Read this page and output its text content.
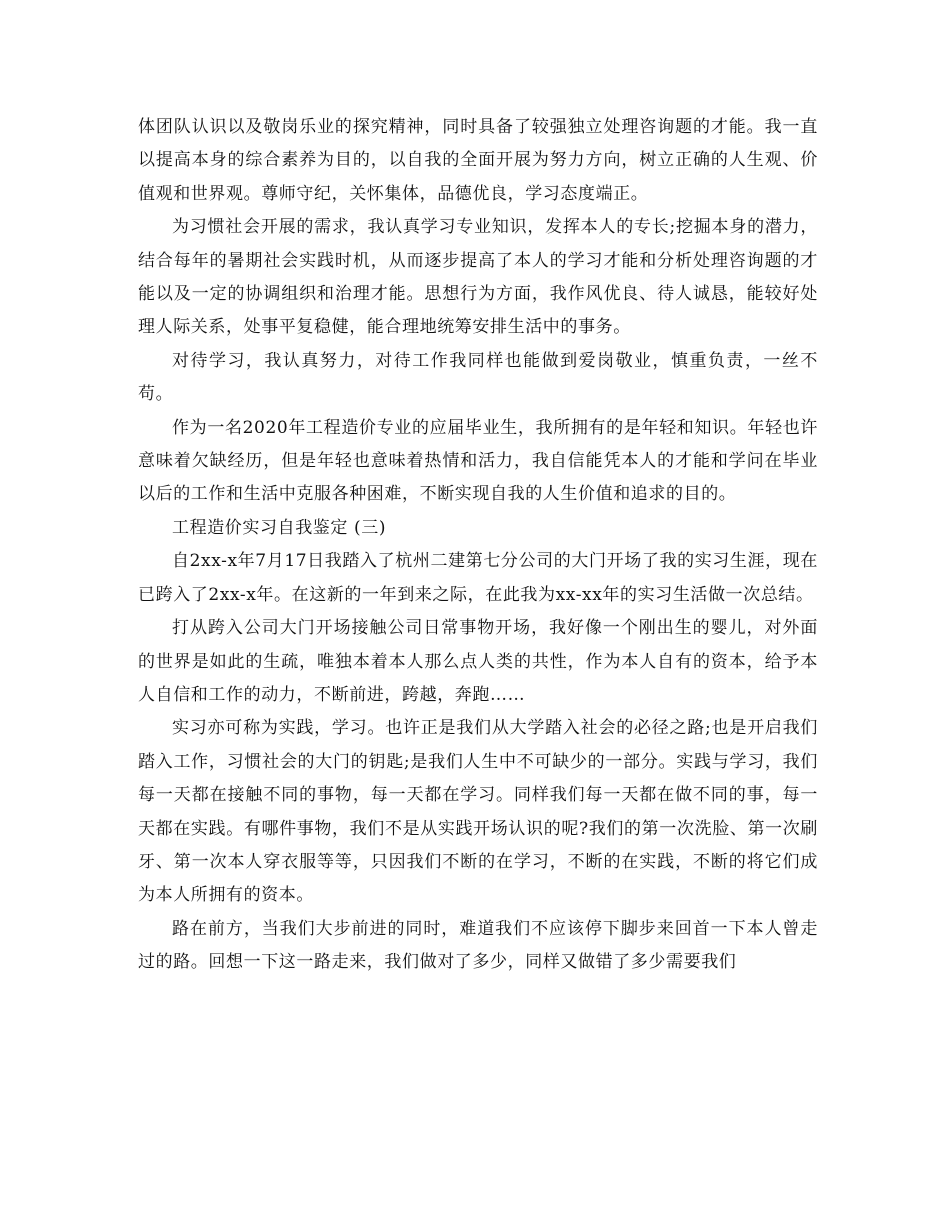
体团队认识以及敬岗乐业的探究精神，同时具备了较强独立处理咨询题的才能。我一直以提高本身的综合素养为目的，以自我的全面开展为努力方向，树立正确的人生观、价值观和世界观。尊师守纪，关怀集体，品德优良，学习态度端正。

为习惯社会开展的需求，我认真学习专业知识，发挥本人的专长;挖掘本身的潜力，结合每年的暑期社会实践时机，从而逐步提高了本人的学习才能和分析处理咨询题的才能以及一定的协调组织和治理才能。思想行为方面，我作风优良、待人诚恳，能较好处理人际关系，处事平复稳健，能合理地统筹安排生活中的事务。

对待学习，我认真努力，对待工作我同样也能做到爱岗敬业，慎重负责，一丝不苟。

作为一名2020年工程造价专业的应届毕业生，我所拥有的是年轻和知识。年轻也许意味着欠缺经历，但是年轻也意味着热情和活力，我自信能凭本人的才能和学问在毕业以后的工作和生活中克服各种困难，不断实现自我的人生价值和追求的目的。

工程造价实习自我鉴定 (三)

自2xx-x年7月17日我踏入了杭州二建第七分公司的大门开场了我的实习生涯，现在已跨入了2xx-x年。在这新的一年到来之际，在此我为xx-xx年的实习生活做一次总结。

打从跨入公司大门开场接触公司日常事物开场，我好像一个刚出生的婴儿，对外面的世界是如此的生疏，唯独本着本人那么点人类的共性，作为本人自有的资本，给予本人自信和工作的动力，不断前进，跨越，奔跑……

实习亦可称为实践，学习。也许正是我们从大学踏入社会的必径之路;也是开启我们踏入工作，习惯社会的大门的钥匙;是我们人生中不可缺少的一部分。实践与学习，我们每一天都在接触不同的事物，每一天都在学习。同样我们每一天都在做不同的事，每一天都在实践。有哪件事物，我们不是从实践开场认识的呢?我们的第一次洗脸、第一次刷牙、第一次本人穿衣服等等，只因我们不断的在学习，不断的在实践，不断的将它们成为本人所拥有的资本。

路在前方，当我们大步前进的同时，难道我们不应该停下脚步来回首一下本人曾走过的路。回想一下这一路走来，我们做对了多少，同样又做错了多少需要我们
